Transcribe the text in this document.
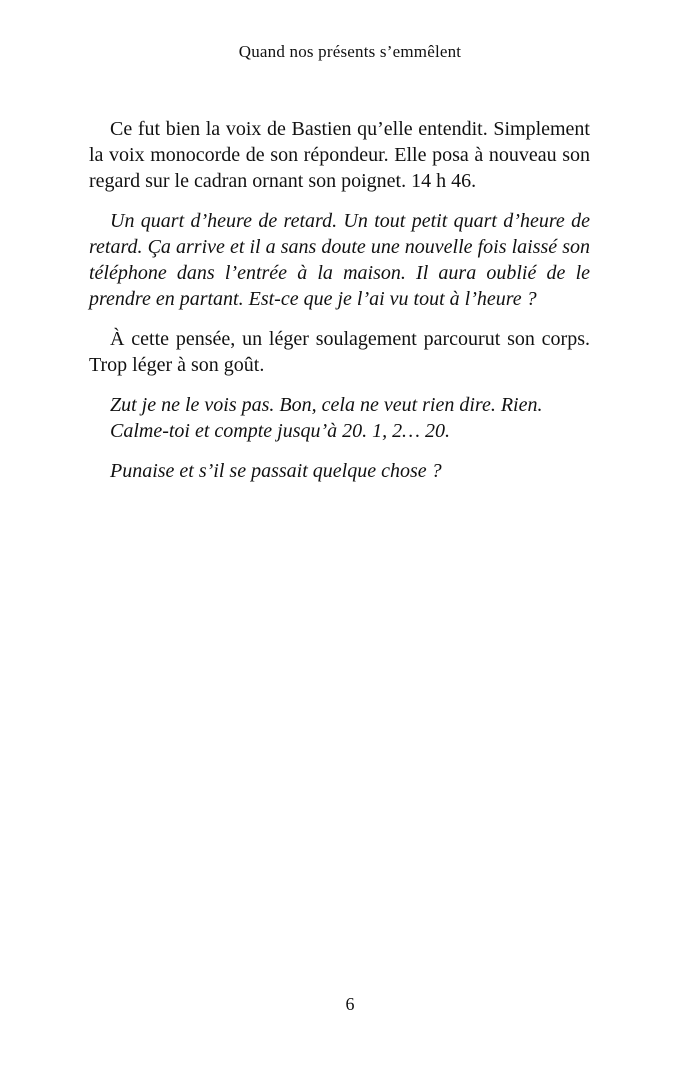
Quand nos présents s’emmêlent

Ce fut bien la voix de Bastien qu’elle entendit. Simplement la voix monocorde de son répondeur. Elle posa à nouveau son regard sur le cadran ornant son poignet. 14 h 46.

Un quart d’heure de retard. Un tout petit quart d’heure de retard. Ça arrive et il a sans doute une nouvelle fois laissé son téléphone dans l’entrée à la maison. Il aura oublié de le prendre en partant. Est-ce que je l’ai vu tout à l’heure ?

À cette pensée, un léger soulagement parcourut son corps. Trop léger à son goût.

Zut je ne le vois pas. Bon, cela ne veut rien dire. Rien.
Calme-toi et compte jusqu’à 20. 1, 2… 20.

Punaise et s’il se passait quelque chose ?

6
